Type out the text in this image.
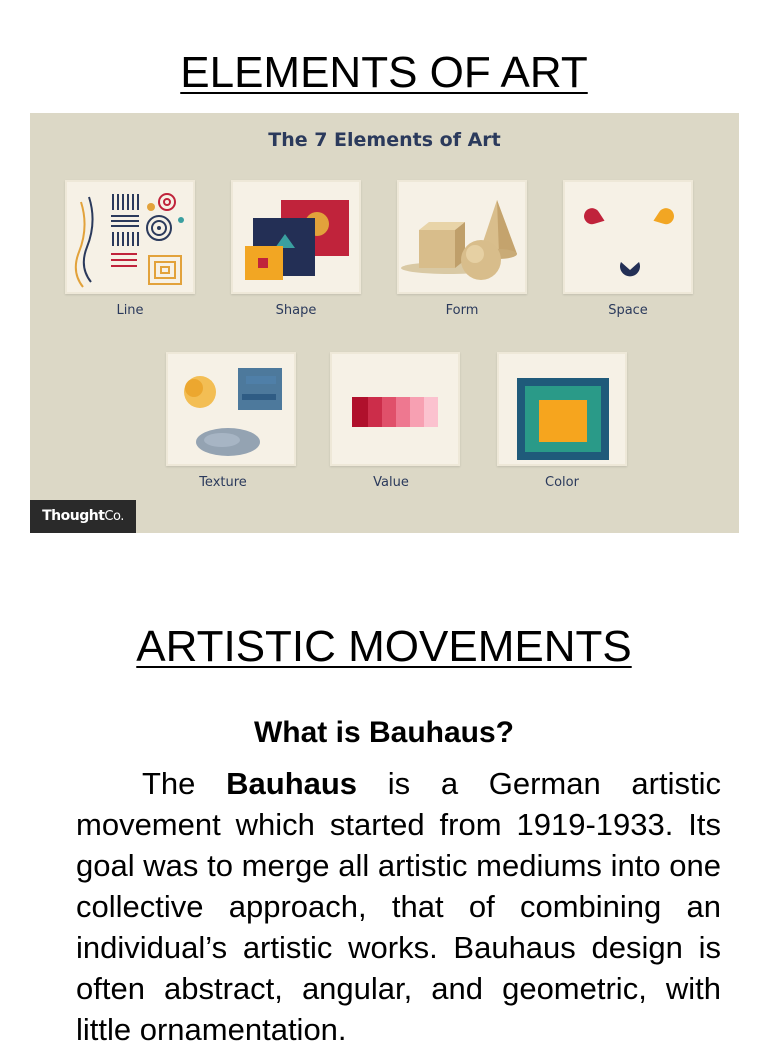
ELEMENTS OF ART
The 7 Elements of Art
Line	Shape	Form	Space
Texture	Value	Color
ThoughtCo.
ARTISTIC MOVEMENTS
What is Bauhaus?

The Bauhaus is a German artistic movement which started from 1919-1933. Its goal was to merge all artistic mediums into one collective approach, that of combining an individual’s artistic works. Bauhaus design is often abstract, angular, and geometric, with little ornamentation.
